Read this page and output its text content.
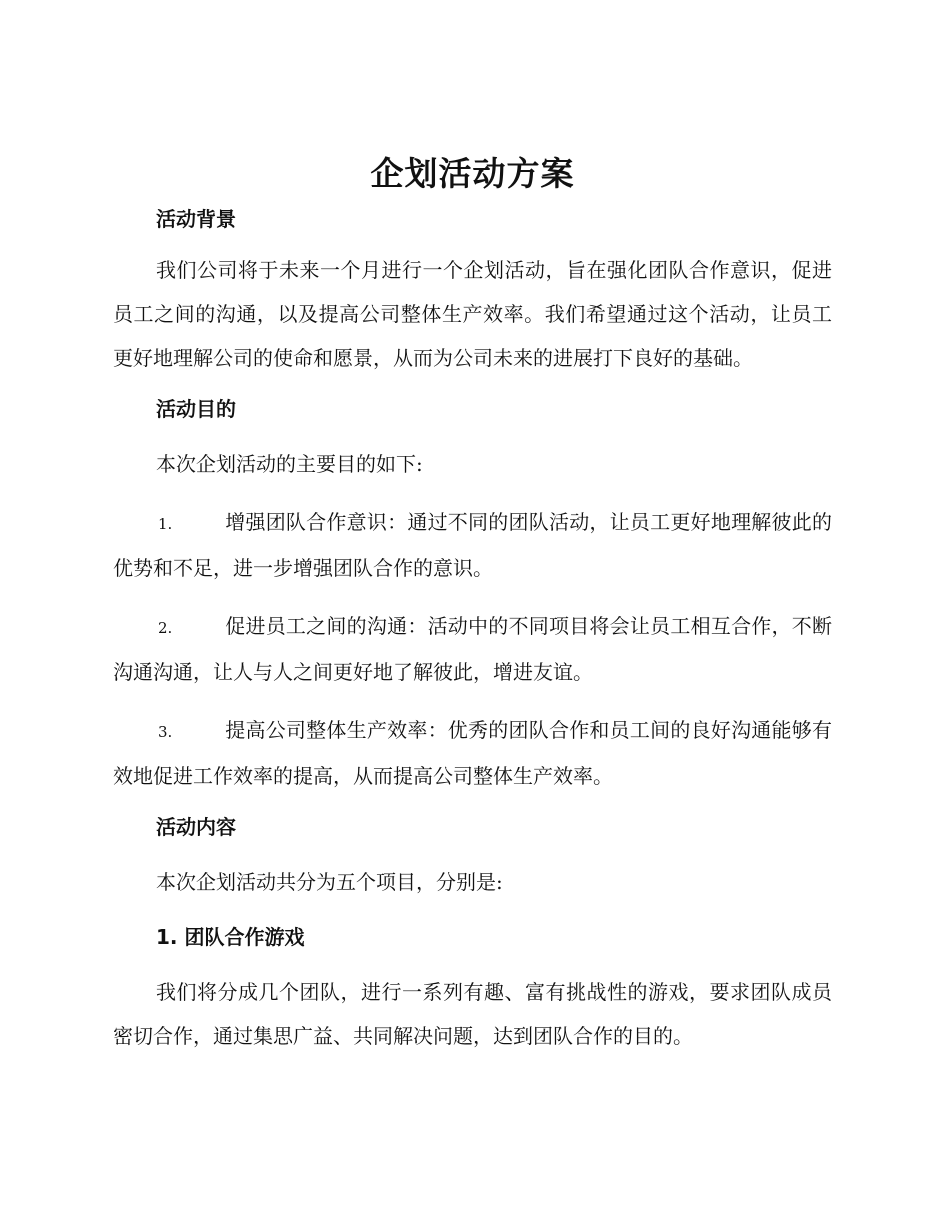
企划活动方案
活动背景

我们公司将于未来一个月进行一个企划活动，旨在强化团队合作意识，促进员工之间的沟通，以及提高公司整体生产效率。我们希望通过这个活动，让员工更好地理解公司的使命和愿景，从而为公司未来的进展打下良好的基础。

活动目的

本次企划活动的主要目的如下:

1.	增强团队合作意识：通过不同的团队活动，让员工更好地理解彼此的优势和不足，进一步增强团队合作的意识。

2.	促进员工之间的沟通：活动中的不同项目将会让员工相互合作，不断沟通沟通，让人与人之间更好地了解彼此，增进友谊。

3.	提高公司整体生产效率：优秀的团队合作和员工间的良好沟通能够有效地促进工作效率的提高，从而提高公司整体生产效率。

活动内容

本次企划活动共分为五个项目，分别是:

1. 团队合作游戏

我们将分成几个团队，进行一系列有趣、富有挑战性的游戏，要求团队成员密切合作，通过集思广益、共同解决问题，达到团队合作的目的。
